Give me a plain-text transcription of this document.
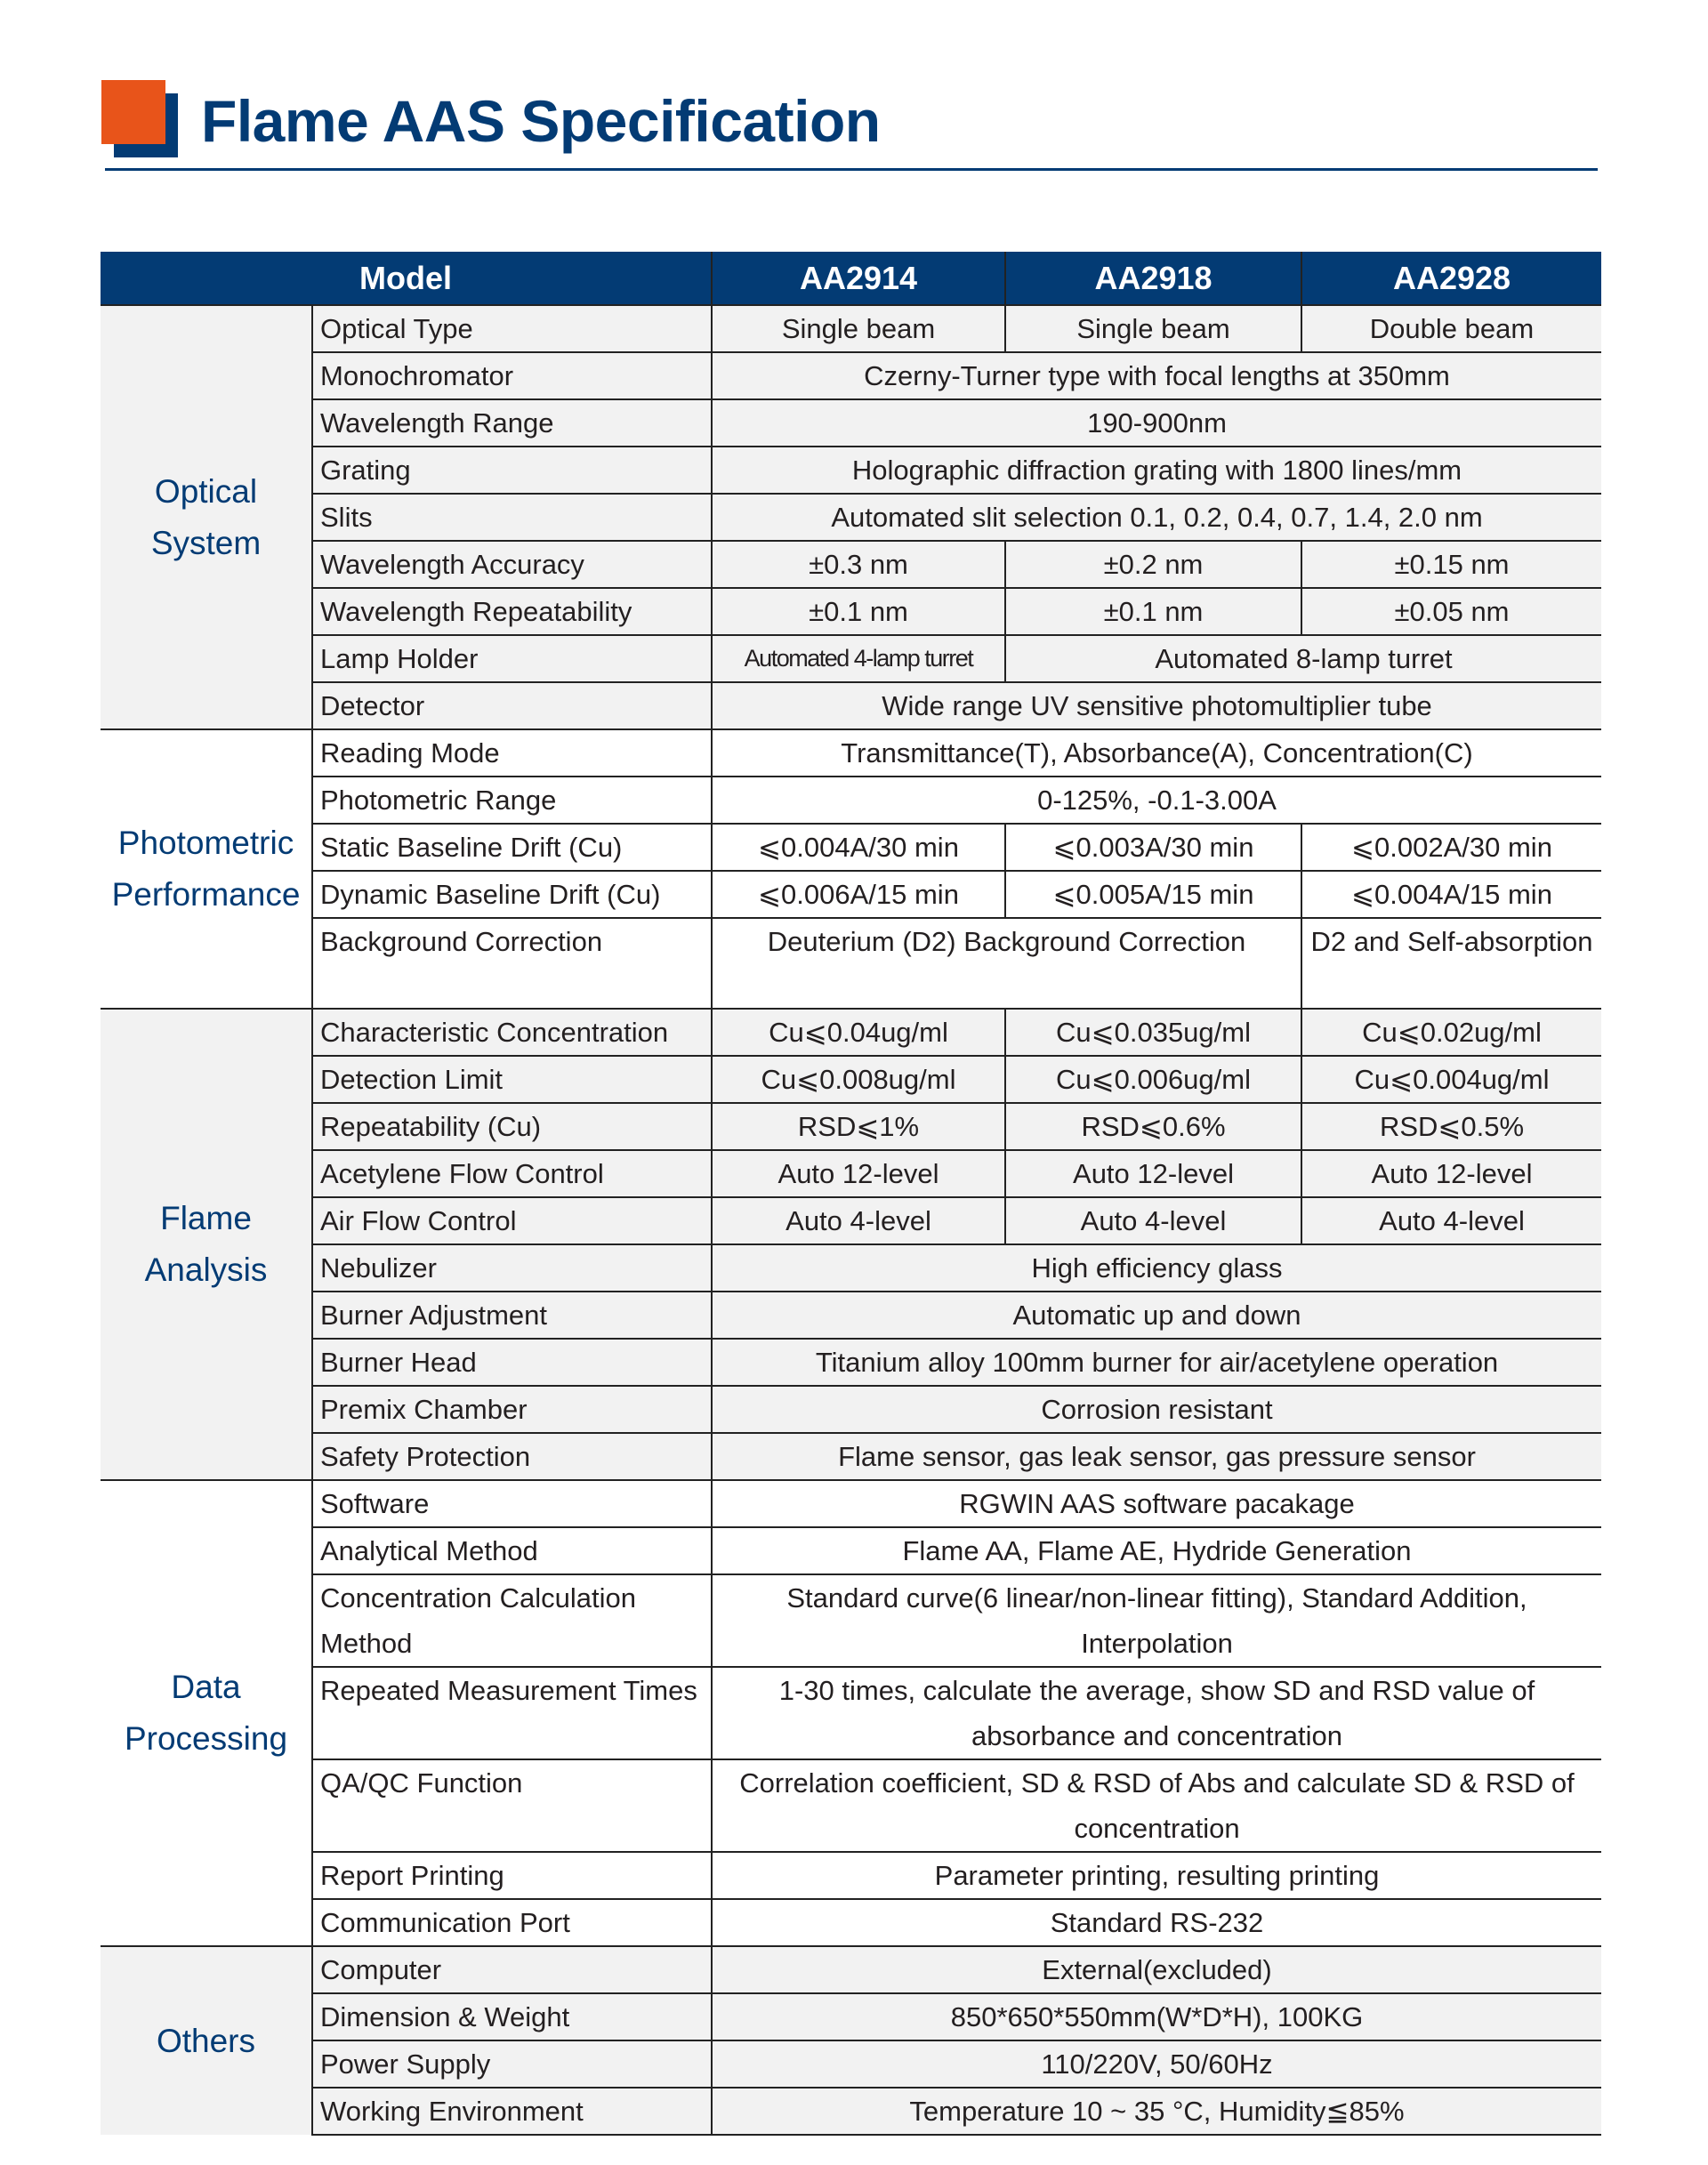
Flame AAS Specification
Model		AA2914	AA2918	AA2928
Optical System	Optical Type	Single beam	Single beam	Double beam
	Monochromator	Czerny-Turner type with focal lengths at 350mm		
	Wavelength Range	190-900nm		
	Grating	Holographic diffraction grating with 1800 lines/mm		
	Slits	Automated slit selection 0.1, 0.2, 0.4, 0.7, 1.4, 2.0 nm		
	Wavelength Accuracy	±0.3 nm	±0.2 nm	±0.15 nm
	Wavelength Repeatability	±0.1 nm	±0.1 nm	±0.05 nm
	Lamp Holder	Automated 4-lamp turret	Automated 8-lamp turret	
	Detector	Wide range UV sensitive photomultiplier tube		
Photometric Performance	Reading Mode	Transmittance(T), Absorbance(A), Concentration(C)		
	Photometric Range	0-125%, -0.1-3.00A		
	Static Baseline Drift (Cu)	⩽0.004A/30 min	⩽0.003A/30 min	⩽0.002A/30 min
	Dynamic Baseline Drift (Cu)	⩽0.006A/15 min	⩽0.005A/15 min	⩽0.004A/15 min
	Background Correction	Deuterium (D2) Background Correction		D2 and Self-absorption
Flame Analysis	Characteristic Concentration	Cu⩽0.04ug/ml	Cu⩽0.035ug/ml	Cu⩽0.02ug/ml
	Detection Limit	Cu⩽0.008ug/ml	Cu⩽0.006ug/ml	Cu⩽0.004ug/ml
	Repeatability (Cu)	RSD⩽1%	RSD⩽0.6%	RSD⩽0.5%
	Acetylene Flow Control	Auto 12-level	Auto 12-level	Auto 12-level
	Air Flow Control	Auto 4-level	Auto 4-level	Auto 4-level
	Nebulizer	High efficiency glass		
	Burner Adjustment	Automatic up and down		
	Burner Head	Titanium alloy 100mm burner for air/acetylene operation		
	Premix Chamber	Corrosion resistant		
	Safety Protection	Flame sensor, gas leak sensor, gas pressure sensor		
Data Processing	Software	RGWIN AAS software pacakage		
	Analytical Method	Flame AA, Flame AE, Hydride Generation		
	Concentration Calculation Method	Standard curve(6 linear/non-linear fitting), Standard Addition, Interpolation		
	Repeated Measurement Times	1-30 times, calculate the average, show SD and RSD value of absorbance and concentration		
	QA/QC Function	Correlation coefficient, SD & RSD of Abs and calculate SD & RSD of concentration		
	Report Printing	Parameter printing, resulting printing		
	Communication Port	Standard RS-232		
Others	Computer	External(excluded)		
	Dimension & Weight	850*650*550mm(W*D*H), 100KG		
	Power Supply	110/220V, 50/60Hz		
	Working Environment	Temperature 10 ~ 35 °C, Humidity≦85%		
